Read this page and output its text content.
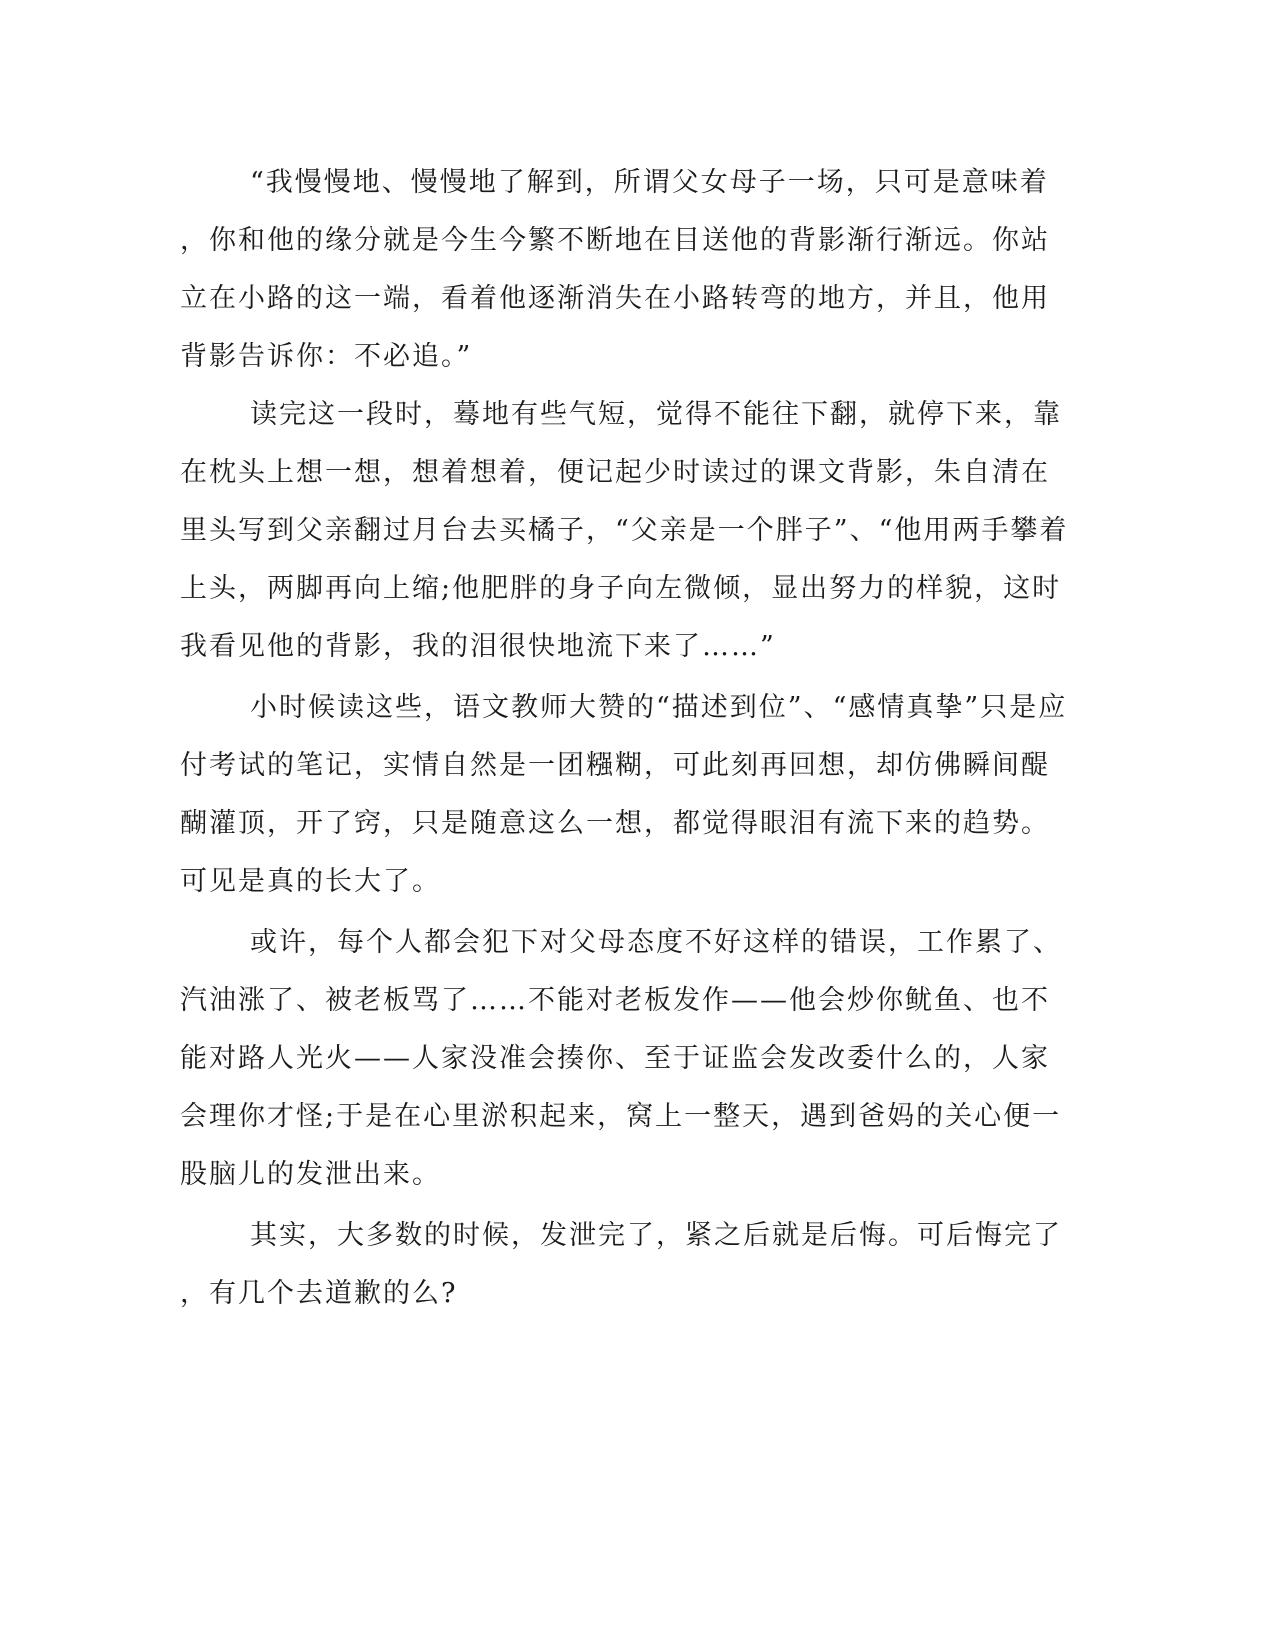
“我慢慢地、慢慢地了解到，所谓父女母子一场，只可是意味着
，你和他的缘分就是今生今繁不断地在目送他的背影渐行渐远。你站
立在小路的这一端，看着他逐渐消失在小路转弯的地方，并且，他用
背影告诉你：不必追。”
读完这一段时，蓦地有些气短，觉得不能往下翻，就停下来，靠
在枕头上想一想，想着想着，便记起少时读过的课文背影，朱自清在
里头写到父亲翻过月台去买橘子，“父亲是一个胖子”、“他用两手攀着
上头，两脚再向上缩;他肥胖的身子向左微倾，显出努力的样貌，这时
我看见他的背影，我的泪很快地流下来了……”
小时候读这些，语文教师大赞的“描述到位”、“感情真挚”只是应
付考试的笔记，实情自然是一团糨糊，可此刻再回想，却仿佛瞬间醍
醐灌顶，开了窍，只是随意这么一想，都觉得眼泪有流下来的趋势。
可见是真的长大了。
或许，每个人都会犯下对父母态度不好这样的错误，工作累了、
汽油涨了、被老板骂了……不能对老板发作——他会炒你鱿鱼、也不
能对路人光火——人家没准会揍你、至于证监会发改委什么的，人家
会理你才怪;于是在心里淤积起来，窝上一整天，遇到爸妈的关心便一
股脑儿的发泄出来。
其实，大多数的时候，发泄完了，紧之后就是后悔。可后悔完了
，有几个去道歉的么?
